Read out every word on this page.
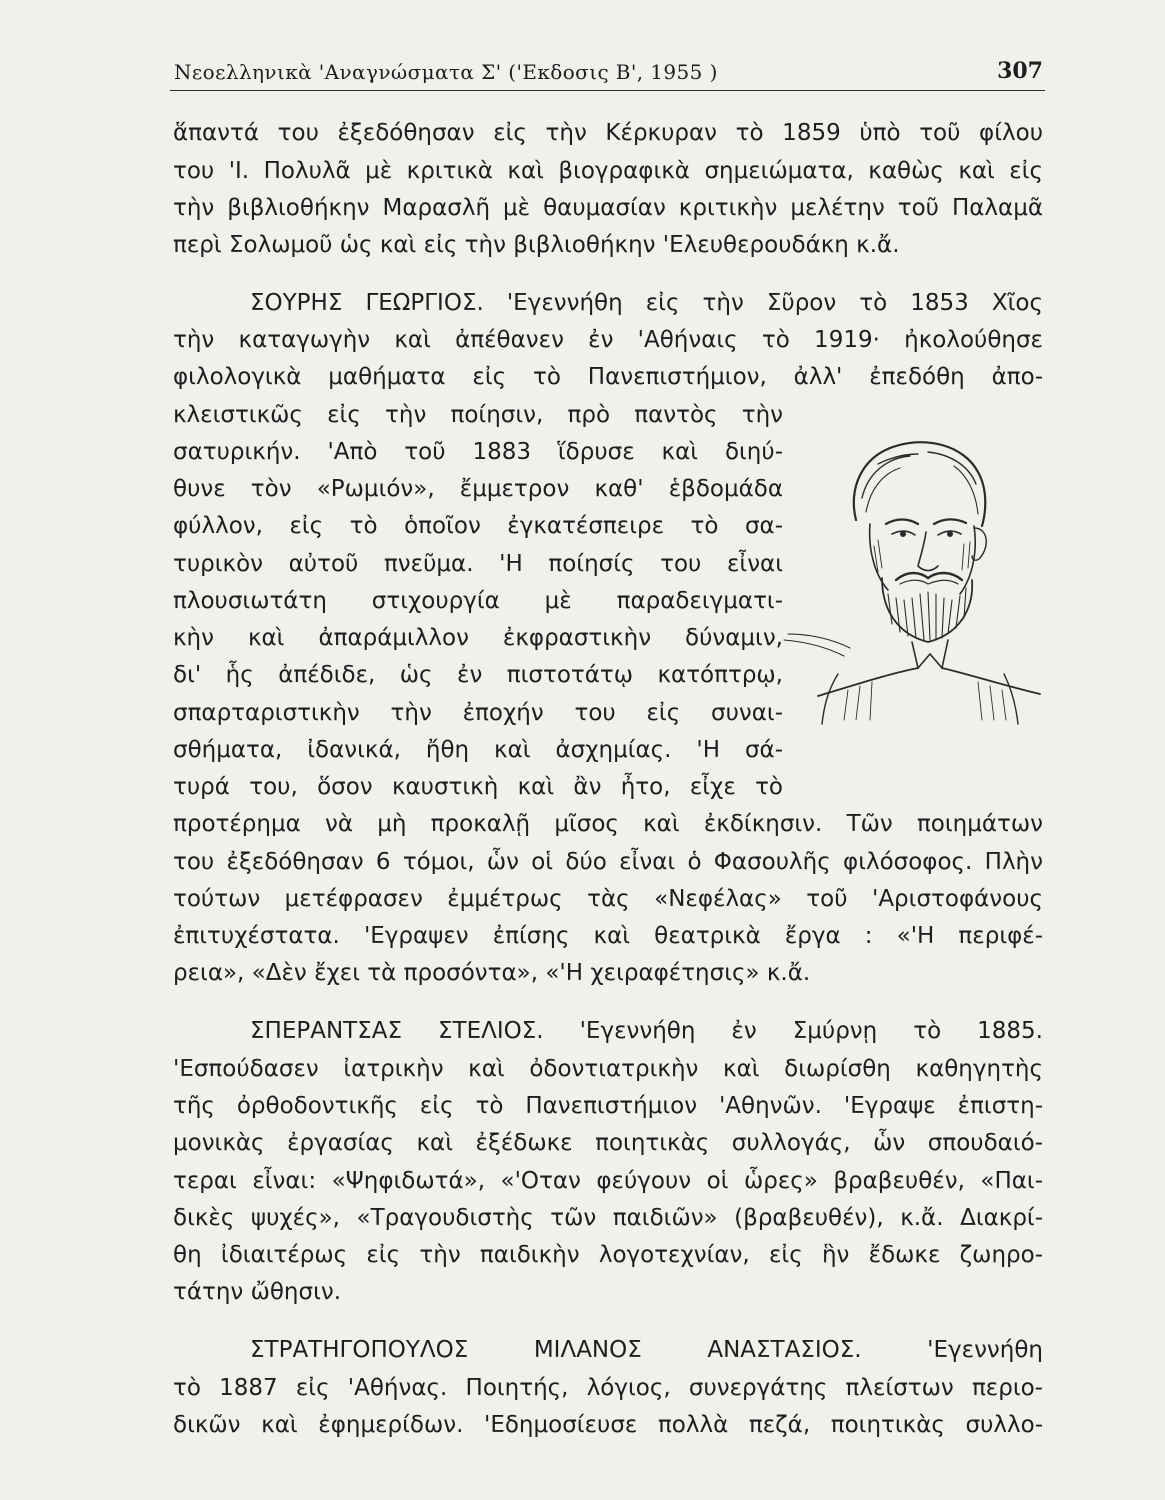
Νεοελληνικὰ 'Αναγνώσματα Σ' ('Εκδοσις Β', 1955 )	307
ἅπαντά του ἐξεδόθησαν εἰς τὴν Κέρκυραν τὸ 1859 ὑπὸ τοῦ φίλου
του 'Ι. Πολυλᾶ μὲ κριτικὰ καὶ βιογραφικὰ σημειώματα, καθὼς καὶ εἰς
τὴν βιβλιοθήκην Μαρασλῆ μὲ θαυμασίαν κριτικὴν μελέτην τοῦ Παλαμᾶ
περὶ Σολωμοῦ ὡς καὶ εἰς τὴν βιβλιοθήκην 'Ελευθερουδάκη κ.ἄ.
ΣΟΥΡΗΣ ΓΕΩΡΓΙΟΣ. 'Εγεννήθη εἰς τὴν Σῦρον τὸ 1853 Χῖος
τὴν καταγωγὴν καὶ ἀπέθανεν ἐν 'Αθήναις τὸ 1919· ἠκολούθησε
φιλολογικὰ μαθήματα εἰς τὸ Πανεπιστήμιον, ἀλλ' ἐπεδόθη ἀπο-
κλειστικῶς εἰς τὴν ποίησιν, πρὸ παντὸς τὴν
σατυρικήν. 'Απὸ τοῦ 1883 ἵδρυσε καὶ διηύ-
θυνε τὸν «Ρωμιόν», ἔμμετρον καθ' ἑβδομάδα
φύλλον, εἰς τὸ ὁποῖον ἐγκατέσπειρε τὸ σα-
τυρικὸν αὐτοῦ πνεῦμα. 'Η ποίησίς του εἶναι
πλουσιωτάτη στιχουργία μὲ παραδειγματι-
κὴν καὶ ἀπαράμιλλον ἐκφραστικὴν δύναμιν,
δι' ἧς ἀπέδιδε, ὡς ἐν πιστοτάτῳ κατόπτρῳ,
σπαρταριστικὴν τὴν ἐποχήν του εἰς συναι-
σθήματα, ἰδανικά, ἤθη καὶ ἀσχημίας. 'Η σά-
τυρά του, ὅσον καυστικὴ καὶ ἂν ἦτο, εἶχε τὸ
προτέρημα νὰ μὴ προκαλῇ μῖσος καὶ ἐκδίκησιν. Τῶν ποιημάτων
του ἐξεδόθησαν 6 τόμοι, ὧν οἱ δύο εἶναι ὁ Φασουλῆς φιλόσοφος. Πλὴν
τούτων μετέφρασεν ἐμμέτρως τὰς «Νεφέλας» τοῦ 'Αριστοφάνους
ἐπιτυχέστατα. 'Εγραψεν ἐπίσης καὶ θεατρικὰ ἔργα : «'Η περιφέ-
ρεια», «Δὲν ἔχει τὰ προσόντα», «'Η χειραφέτησις» κ.ἄ.
ΣΠΕΡΑΝΤΣΑΣ ΣΤΕΛΙΟΣ. 'Εγεννήθη ἐν Σμύρνῃ τὸ 1885.
'Εσπούδασεν ἰατρικὴν καὶ ὀδοντιατρικὴν καὶ διωρίσθη καθηγητὴς
τῆς ὀρθοδοντικῆς εἰς τὸ Πανεπιστήμιον 'Αθηνῶν. 'Εγραψε ἐπιστη-
μονικὰς ἐργασίας καὶ ἐξέδωκε ποιητικὰς συλλογάς, ὧν σπουδαιό-
τεραι εἶναι: «Ψηφιδωτά», «'Οταν φεύγουν οἱ ὧρες» βραβευθέν, «Παι-
δικὲς ψυχές», «Τραγουδιστὴς τῶν παιδιῶν» (βραβευθέν), κ.ἄ. Διακρί-
θη ἰδιαιτέρως εἰς τὴν παιδικὴν λογοτεχνίαν, εἰς ἣν ἔδωκε ζωηρο-
τάτην ὤθησιν.
ΣΤΡΑΤΗΓΟΠΟΥΛΟΣ ΜΙΛΑΝΟΣ ΑΝΑΣΤΑΣΙΟΣ. 'Εγεννήθη
τὸ 1887 εἰς 'Αθήνας. Ποιητής, λόγιος, συνεργάτης πλείστων περιο-
δικῶν καὶ ἐφημερίδων. 'Εδημοσίευσε πολλὰ πεζά, ποιητικὰς συλλο-
